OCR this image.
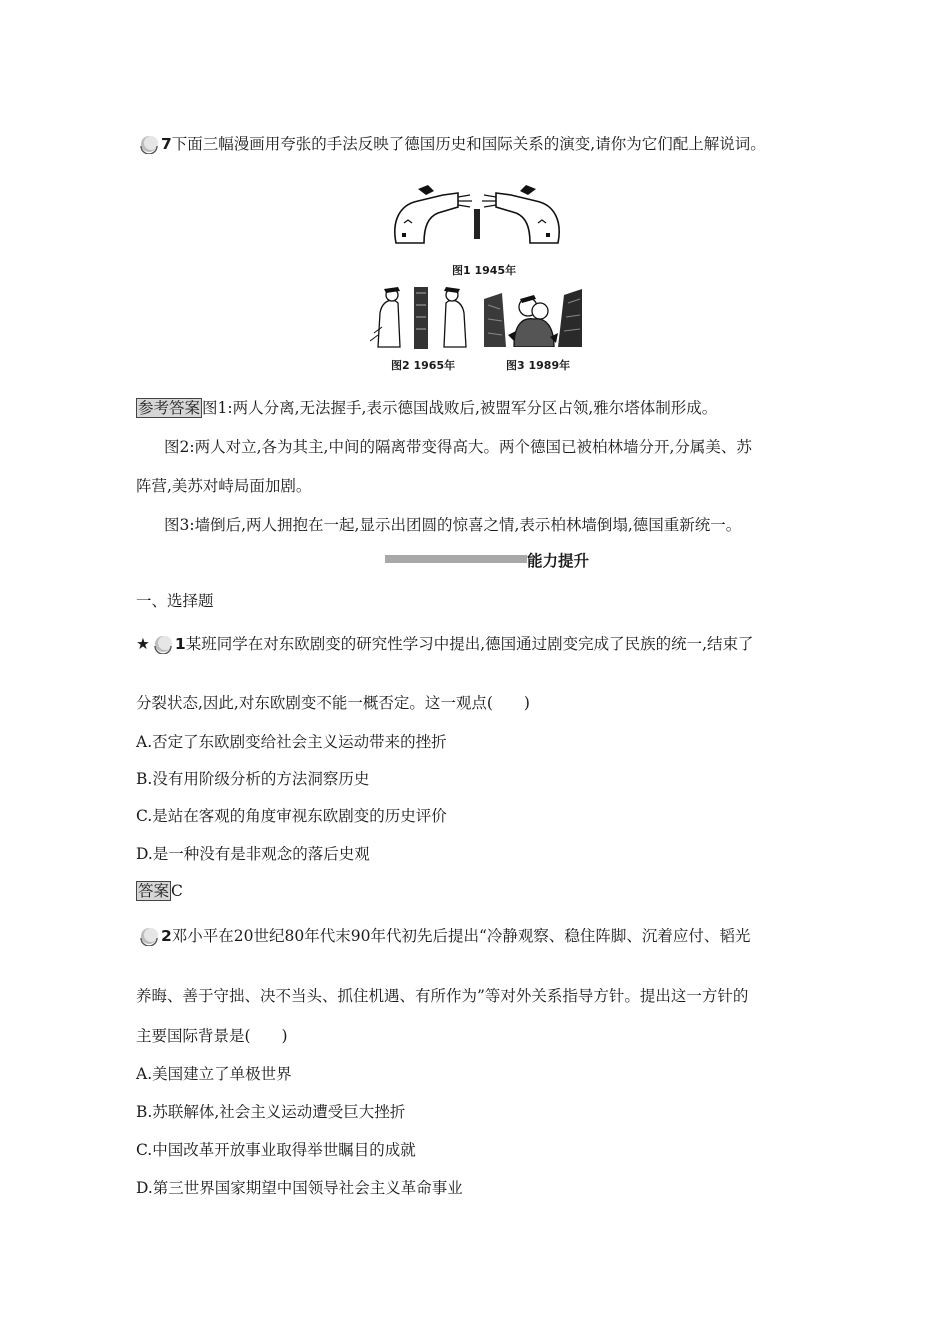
7下面三幅漫画用夸张的手法反映了德国历史和国际关系的演变,请你为它们配上解说词。
图1 1945年
图2 1965年	图3 1989年
参考答案 图1:两人分离,无法握手,表示德国战败后,被盟军分区占领,雅尔塔体制形成。
图2:两人对立,各为其主,中间的隔离带变得高大。两个德国已被柏林墙分开,分属美、苏
阵营,美苏对峙局面加剧。
图3:墙倒后,两人拥抱在一起,显示出团圆的惊喜之情,表示柏林墙倒塌,德国重新统一。
能力提升
一、选择题
★ 1某班同学在对东欧剧变的研究性学习中提出,德国通过剧变完成了民族的统一,结束了
分裂状态,因此,对东欧剧变不能一概否定。这一观点(　　)
A.否定了东欧剧变给社会主义运动带来的挫折
B.没有用阶级分析的方法洞察历史
C.是站在客观的角度审视东欧剧变的历史评价
D.是一种没有是非观念的落后史观
答案 C
2邓小平在20世纪80年代末90年代初先后提出“冷静观察、稳住阵脚、沉着应付、韬光
养晦、善于守拙、决不当头、抓住机遇、有所作为”等对外关系指导方针。提出这一方针的
主要国际背景是(　　)
A.美国建立了单极世界
B.苏联解体,社会主义运动遭受巨大挫折
C.中国改革开放事业取得举世瞩目的成就
D.第三世界国家期望中国领导社会主义革命事业
